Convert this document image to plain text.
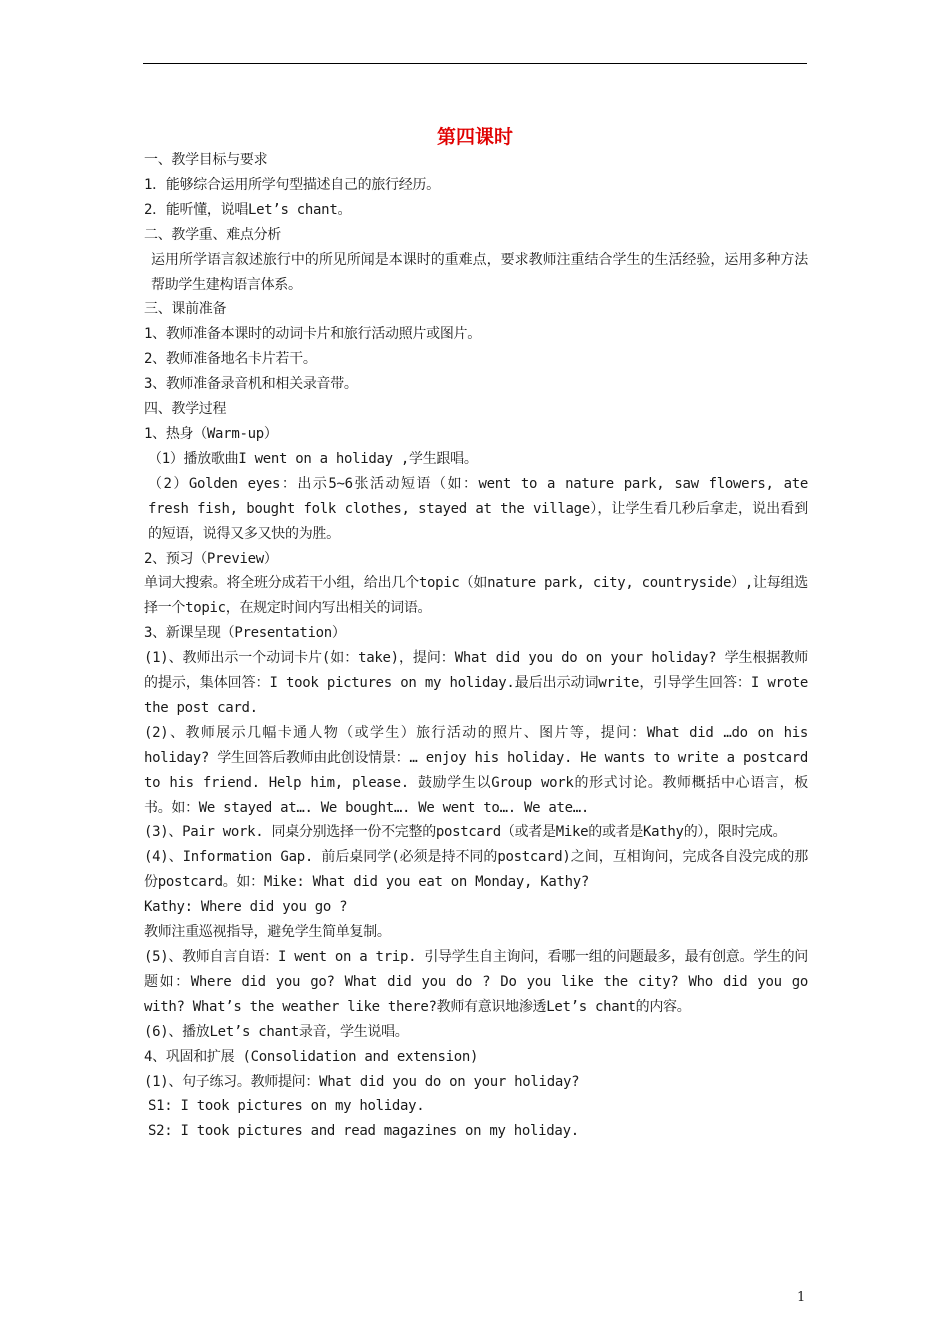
第四课时

一、教学目标与要求

1．能够综合运用所学句型描述自己的旅行经历。

2．能听懂，说唱Let’s chant。

二、教学重、难点分析

运用所学语言叙述旅行中的所见所闻是本课时的重难点，要求教师注重结合学生的生活经验，运用多种方法帮助学生建构语言体系。

三、课前准备

1、教师准备本课时的动词卡片和旅行活动照片或图片。

2、教师准备地名卡片若干。

3、教师准备录音机和相关录音带。

四、教学过程

1、热身（Warm-up）

（1）播放歌曲I went on a holiday ,学生跟唱。

（2）Golden eyes：出示5~6张活动短语（如：went to a nature park, saw flowers, ate fresh fish, bought folk clothes, stayed at the village），让学生看几秒后拿走，说出看到的短语，说得又多又快的为胜。

2、预习（Preview）

单词大搜索。将全班分成若干小组，给出几个topic（如nature park, city, countryside）,让每组选择一个topic，在规定时间内写出相关的词语。

3、新课呈现（Presentation）

(1)、教师出示一个动词卡片(如：take)，提问：What did you do on your holiday? 学生根据教师的提示，集体回答：I took pictures on my holiday.最后出示动词write，引导学生回答：I wrote the post card.

(2)、教师展示几幅卡通人物（或学生）旅行活动的照片、图片等，提问：What did …do on his holiday? 学生回答后教师由此创设情景：… enjoy his holiday. He wants to write a postcard to his friend. Help him, please. 鼓励学生以Group work的形式讨论。教师概括中心语言，板书。如：We stayed at…. We bought…. We went to…. We ate….

(3)、Pair work. 同桌分别选择一份不完整的postcard（或者是Mike的或者是Kathy的），限时完成。

(4)、Information Gap. 前后桌同学(必须是持不同的postcard)之间，互相询问，完成各自没完成的那份postcard。如：Mike: What did you eat on Monday, Kathy?

Kathy: Where did you go ?

教师注重巡视指导，避免学生简单复制。

(5)、教师自言自语：I went on a trip. 引导学生自主询问，看哪一组的问题最多，最有创意。学生的问题如：Where did you go? What did you do ? Do you like the city? Who did you go with? What’s the weather like there?教师有意识地渗透Let’s chant的内容。

(6)、播放Let’s chant录音，学生说唱。

4、巩固和扩展 (Consolidation and extension)

(1)、句子练习。教师提问：What did you do on your holiday?

S1: I took pictures on my holiday.

S2: I took pictures and read magazines on my holiday.

1
